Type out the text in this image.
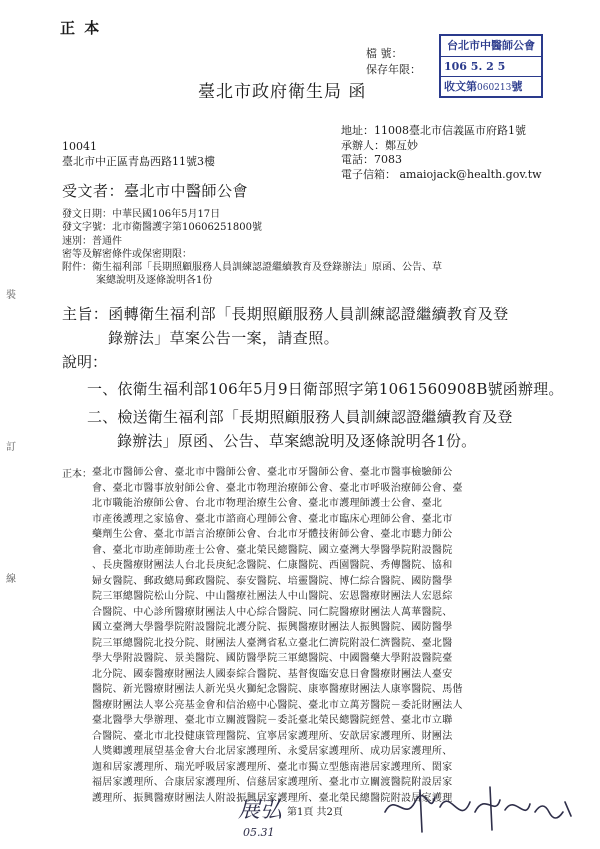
正 本
檔 號：
保存年限：
台北市中醫師公會
106 5. 2 5
收文第060213號
臺北市政府衛生局 函
10041
臺北市中正區青島西路11號3樓
地址：11008臺北市信義區市府路1號
承辦人：鄭亙妙
電話：7083
電子信箱： amaiojack@health.gov.tw
受文者：臺北市中醫師公會
發文日期：中華民國106年5月17日
發文字號：北市衛醫護字第10606251800號
速別：普通件
密等及解密條件或保密期限：
附件：衛生福利部「長期照顧服務人員訓練認證繼續教育及登錄辦法」原函、公告、草
案總說明及逐條說明各1份
主旨：函轉衛生福利部「長期照顧服務人員訓練認證繼續教育及登
錄辦法」草案公告一案，請查照。
說明：
一、依衛生福利部106年5月9日衛部照字第1061560908B號函辦理。
二、檢送衛生福利部「長期照顧服務人員訓練認證繼續教育及登
錄辦法」原函、公告、草案總說明及逐條說明各1份。
正本： 臺北市醫師公會、臺北市中醫師公會、臺北市牙醫師公會、臺北市醫事檢驗師公
會、臺北市醫事放射師公會、臺北市物理治療師公會、臺北市呼吸治療師公會、臺
北市職能治療師公會、台北市物理治療生公會、臺北市護理師護士公會、臺北
市產後護理之家協會、臺北市諮商心理師公會、臺北市臨床心理師公會、臺北市
藥劑生公會、臺北市語言治療師公會、台北市牙體技術師公會、臺北市聽力師公
會、臺北市助產師助產士公會、臺北榮民總醫院、國立臺灣大學醫學院附設醫院
、長庚醫療財團法人台北長庚紀念醫院、仁康醫院、西園醫院、秀傳醫院、協和
婦女醫院、郵政總局郵政醫院、泰安醫院、培靈醫院、博仁綜合醫院、國防醫學
院三軍總醫院松山分院、中山醫療社團法人中山醫院、宏恩醫療財團法人宏恩綜
合醫院、中心診所醫療財團法人中心綜合醫院、同仁院醫療財團法人萬華醫院、
國立臺灣大學醫學院附設醫院北護分院、振興醫療財團法人振興醫院、國防醫學
院三軍總醫院北投分院、財團法人臺灣省私立臺北仁濟院附設仁濟醫院、臺北醫
學大學附設醫院、景美醫院、國防醫學院三軍總醫院、中國醫藥大學附設醫院臺
北分院、國泰醫療財團法人國泰綜合醫院、基督復臨安息日會醫療財團法人臺安
醫院、新光醫療財團法人新光吳火獅紀念醫院、康寧醫療財團法人康寧醫院、馬偕
醫療財團法人辜公亮基金會和信治癌中心醫院、臺北市立萬芳醫院－委託財團法人
臺北醫學大學辦理、臺北市立關渡醫院－委託臺北榮民總醫院經營、臺北市立聯
合醫院、臺北市北投健康管理醫院、宜寧居家護理所、安歆居家護理所、財團法
人獎卿護理展望基金會大台北居家護理所、永愛居家護理所、成功居家護理所、
迦和居家護理所、瑞光呼吸居家護理所、臺北市獨立型態南港居家護理所、閎家
福居家護理所、合康居家護理所、信慈居家護理所、臺北市立關渡醫院附設居家
護理所、振興醫療財團法人附設振興居家護理所、臺北榮民總醫院附設居家護理
裝
訂
線
展弘
05.31
第1頁 共2頁
